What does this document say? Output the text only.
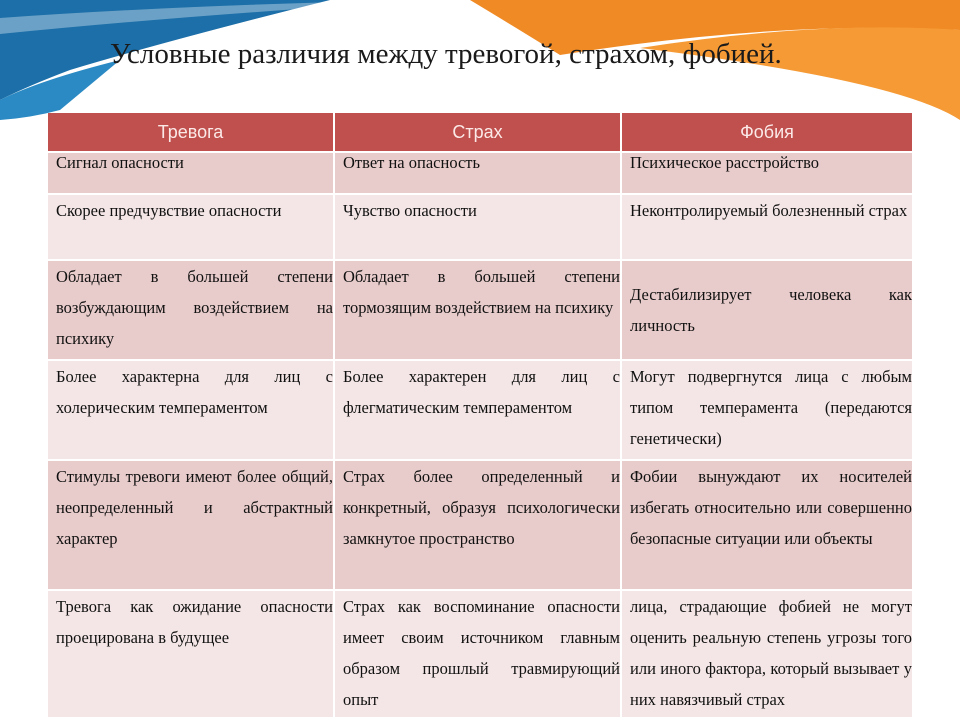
Условные различия между тревогой, страхом, фобией.
Тревога	Страх	Фобия
Сигнал опасности	Ответ на опасность	Психическое расстройство
Скорее предчувствие опасности	Чувство опасности	Неконтролируемый болезненный страх
Обладает в большей степени возбуждающим воздействием на психику	Обладает в большей степени тормозящим воздействием на психику	Дестабилизирует человека как личность
Более характерна для лиц с холерическим темпераментом	Более характерен для лиц с флегматическим темпераментом	Могут подвергнутся лица с любым типом темперамента (передаются генетически)
Стимулы тревоги имеют более общий, неопределенный и абстрактный характер	Страх более определенный и конкретный, образуя психологически замкнутое пространство	Фобии вынуждают их носителей избегать относительно или совершенно безопасные ситуации или объекты
Тревога как ожидание опасности проецирована в будущее	Страх как воспоминание опасности имеет своим источником главным образом прошлый травмирующий опыт	лица, страдающие фобией не могут оценить реальную степень угрозы того или иного фактора, который вызывает у них навязчивый страх
